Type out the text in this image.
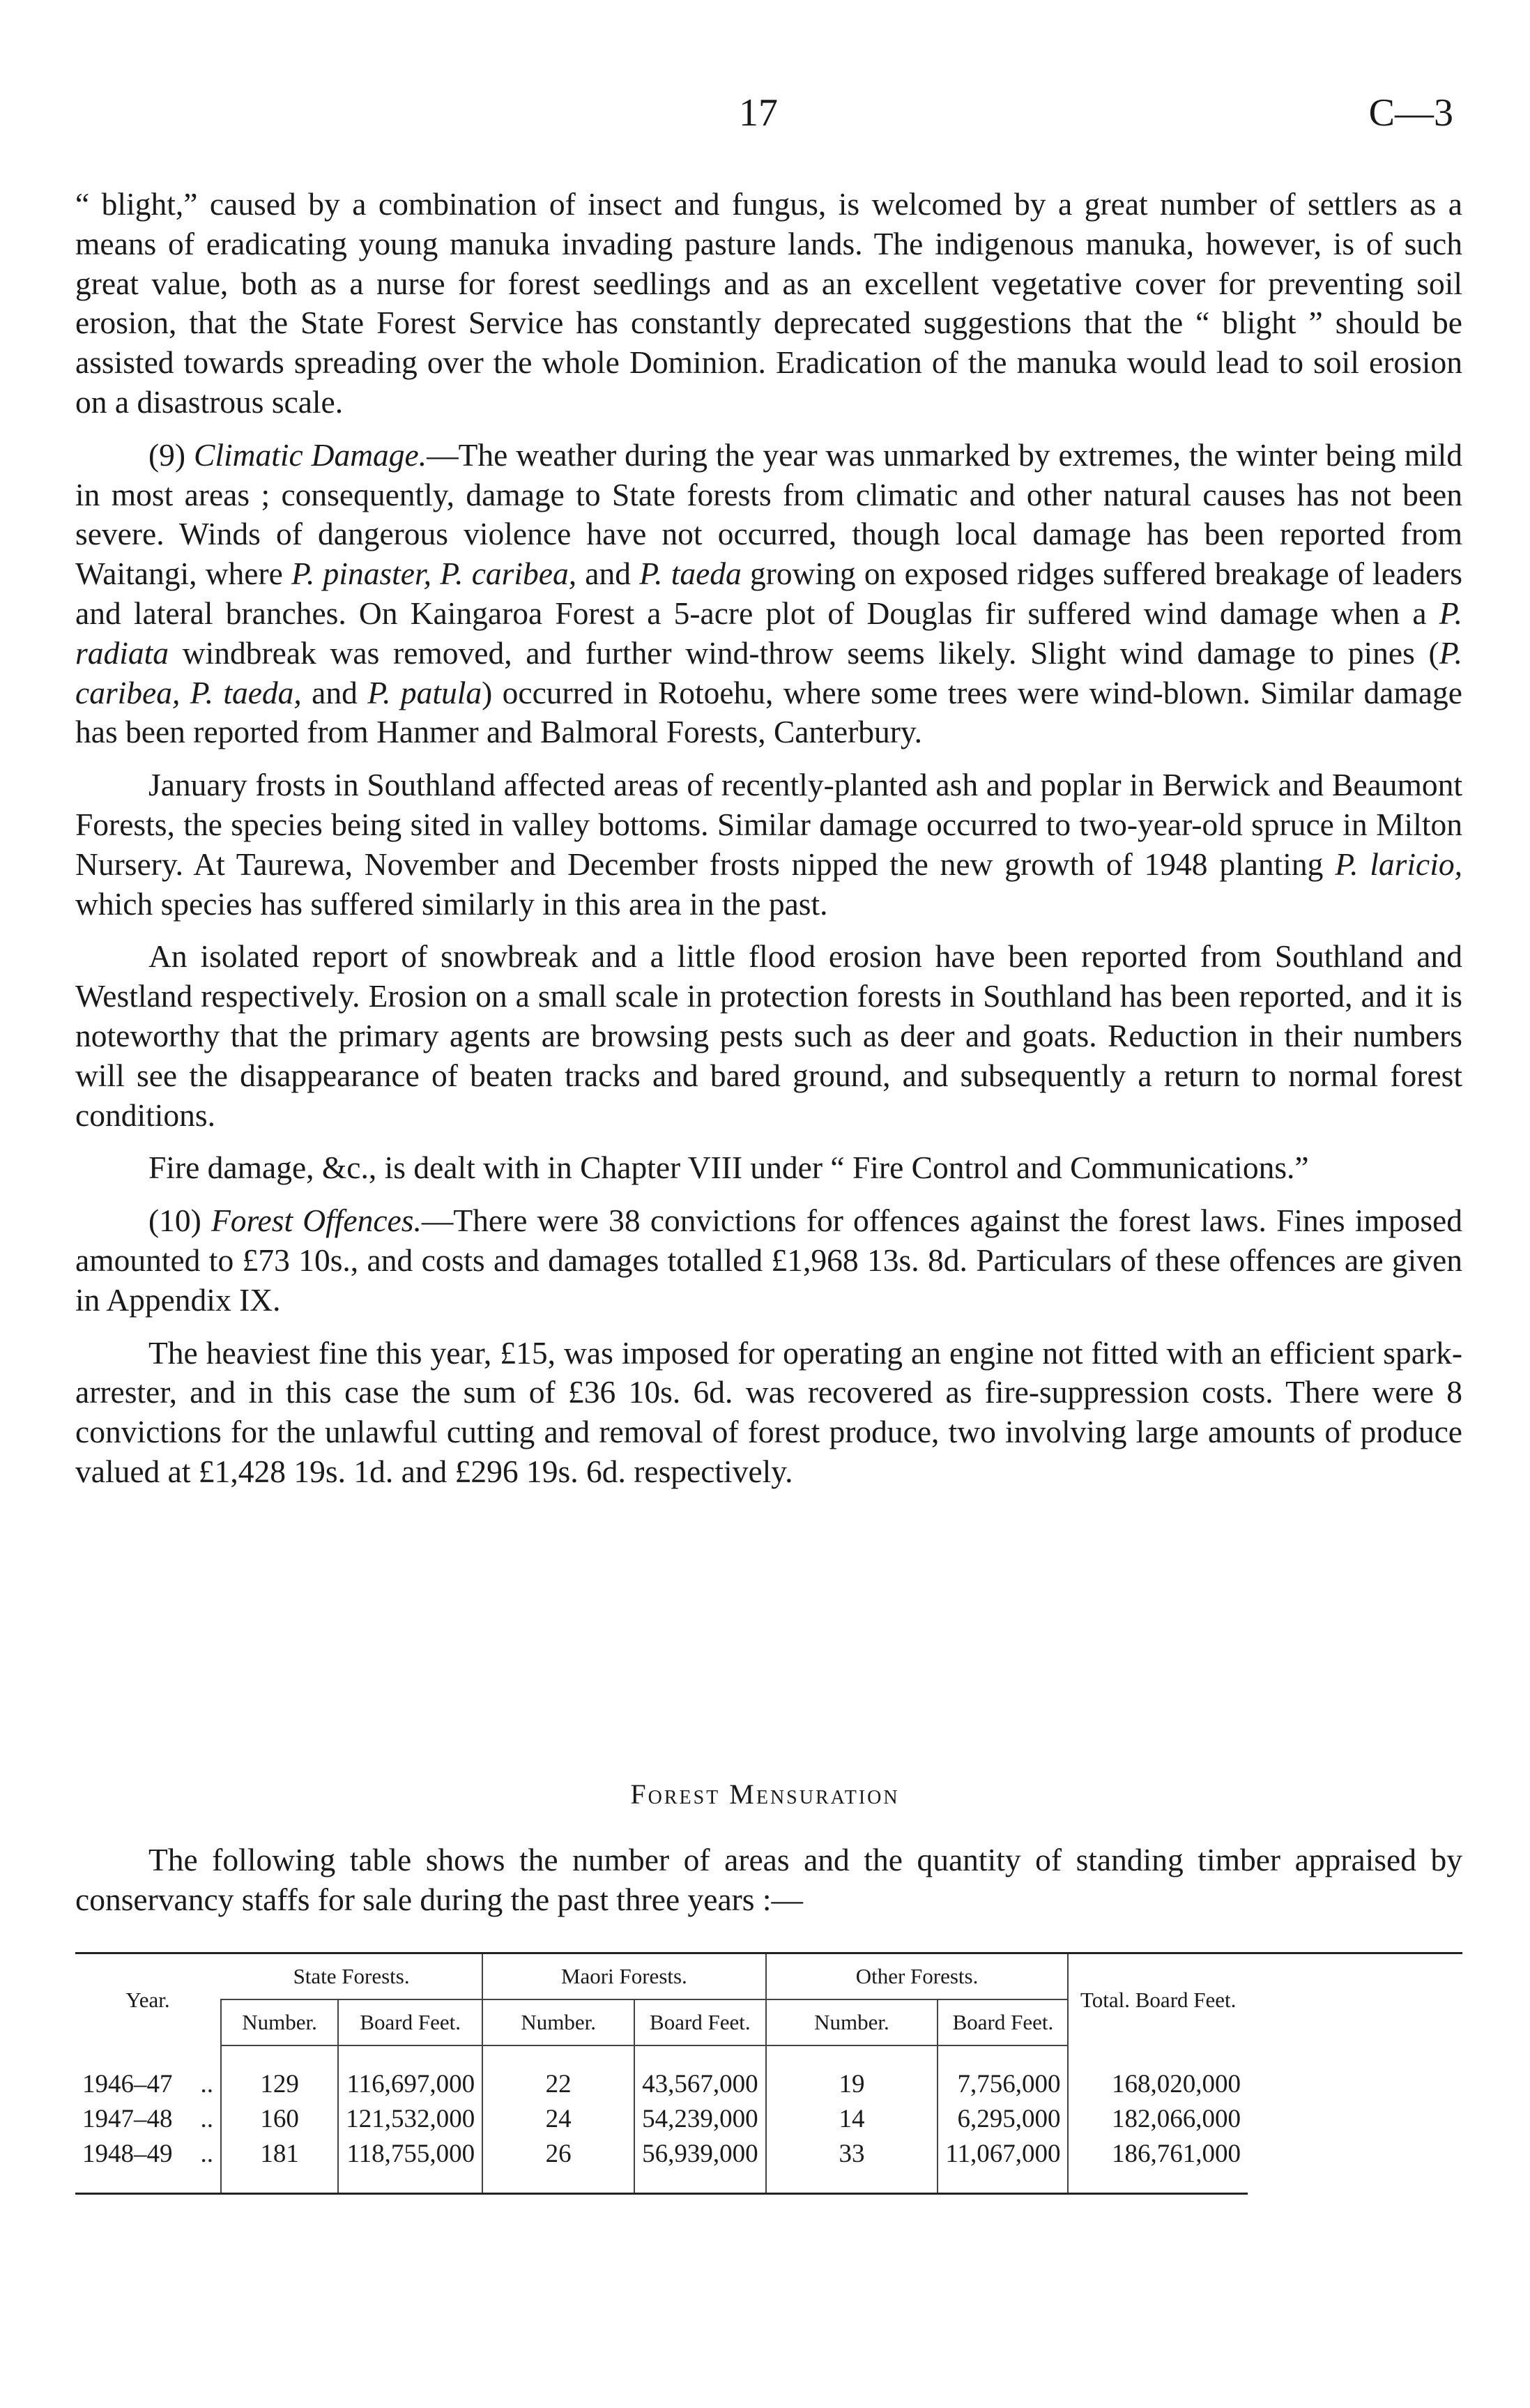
17	C—3

“ blight,” caused by a combination of insect and fungus, is welcomed by a great number of settlers as a means of eradicating young manuka invading pasture lands. The indigenous manuka, however, is of such great value, both as a nurse for forest seedlings and as an excellent vegetative cover for preventing soil erosion, that the State Forest Service has constantly deprecated suggestions that the “ blight ” should be assisted towards spreading over the whole Dominion. Eradication of the manuka would lead to soil erosion on a disastrous scale.

(9) Climatic Damage.—The weather during the year was unmarked by extremes, the winter being mild in most areas ; consequently, damage to State forests from climatic and other natural causes has not been severe. Winds of dangerous violence have not occurred, though local damage has been reported from Waitangi, where P. pinaster, P. caribea, and P. taeda growing on exposed ridges suffered breakage of leaders and lateral branches. On Kaingaroa Forest a 5-acre plot of Douglas fir suffered wind damage when a P. radiata windbreak was removed, and further wind-throw seems likely. Slight wind damage to pines (P. caribea, P. taeda, and P. patula) occurred in Rotoehu, where some trees were wind-blown. Similar damage has been reported from Hanmer and Balmoral Forests, Canterbury.

January frosts in Southland affected areas of recently-planted ash and poplar in Berwick and Beaumont Forests, the species being sited in valley bottoms. Similar damage occurred to two-year-old spruce in Milton Nursery. At Taurewa, November and December frosts nipped the new growth of 1948 planting P. laricio, which species has suffered similarly in this area in the past.

An isolated report of snowbreak and a little flood erosion have been reported from Southland and Westland respectively. Erosion on a small scale in protection forests in Southland has been reported, and it is noteworthy that the primary agents are browsing pests such as deer and goats. Reduction in their numbers will see the disappearance of beaten tracks and bared ground, and subsequently a return to normal forest conditions.

Fire damage, &c., is dealt with in Chapter VIII under “ Fire Control and Communications.”

(10) Forest Offences.—There were 38 convictions for offences against the forest laws. Fines imposed amounted to £73 10s., and costs and damages totalled £1,968 13s. 8d. Particulars of these offences are given in Appendix IX.

The heaviest fine this year, £15, was imposed for operating an engine not fitted with an efficient spark-arrester, and in this case the sum of £36 10s. 6d. was recovered as fire-suppression costs. There were 8 convictions for the unlawful cutting and removal of forest produce, two involving large amounts of produce valued at £1,428 19s. 1d. and £296 19s. 6d. respectively.

Forest Mensuration

The following table shows the number of areas and the quantity of standing timber appraised by conservancy staffs for sale during the past three years :—

Year.	State Forests.		Maori Forests.		Other Forests.		Total. Board Feet.
	Number.	Board Feet.	Number.	Board Feet.	Number.	Board Feet.	

1946–47 ..	129	116,697,000	22	43,567,000	19	7,756,000	168,020,000
1947–48 ..	160	121,532,000	24	54,239,000	14	6,295,000	182,066,000
1948–49 ..	181	118,755,000	26	56,939,000	33	11,067,000	186,761,000
